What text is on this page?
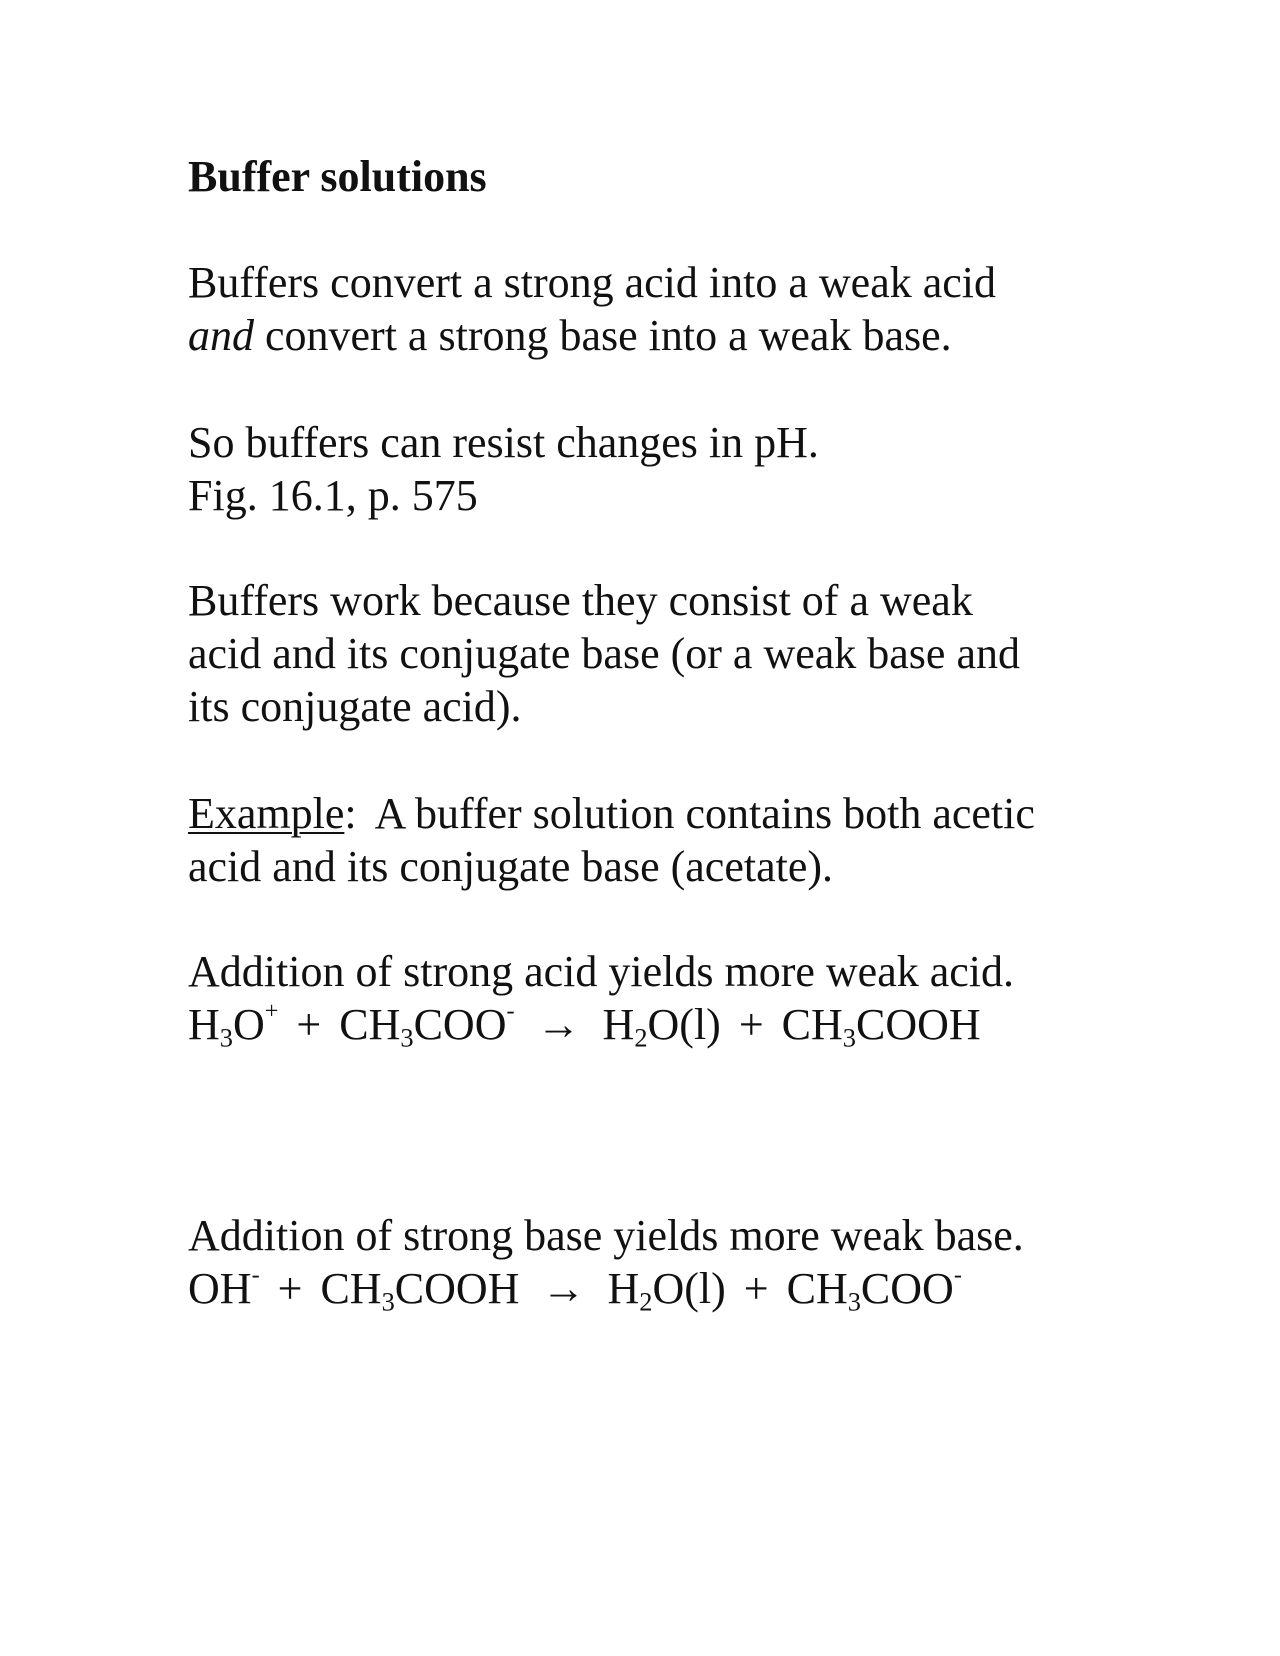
Buffer solutions
Buffers convert a strong acid into a weak acid
and convert a strong base into a weak base.
So buffers can resist changes in pH.
Fig. 16.1, p. 575
Buffers work because they consist of a weak
acid and its conjugate base (or a weak base and
its conjugate acid).
Example: A buffer solution contains both acetic
acid and its conjugate base (acetate).
Addition of strong acid yields more weak acid.
$H_3O^+ + CH_3COO^- \to H_2O(l)$ + $CH_3COOH$
Addition of strong base yields more weak base.
$OH^- + CH_3COOH \to H_2O(l) + CH_3COO^-$
